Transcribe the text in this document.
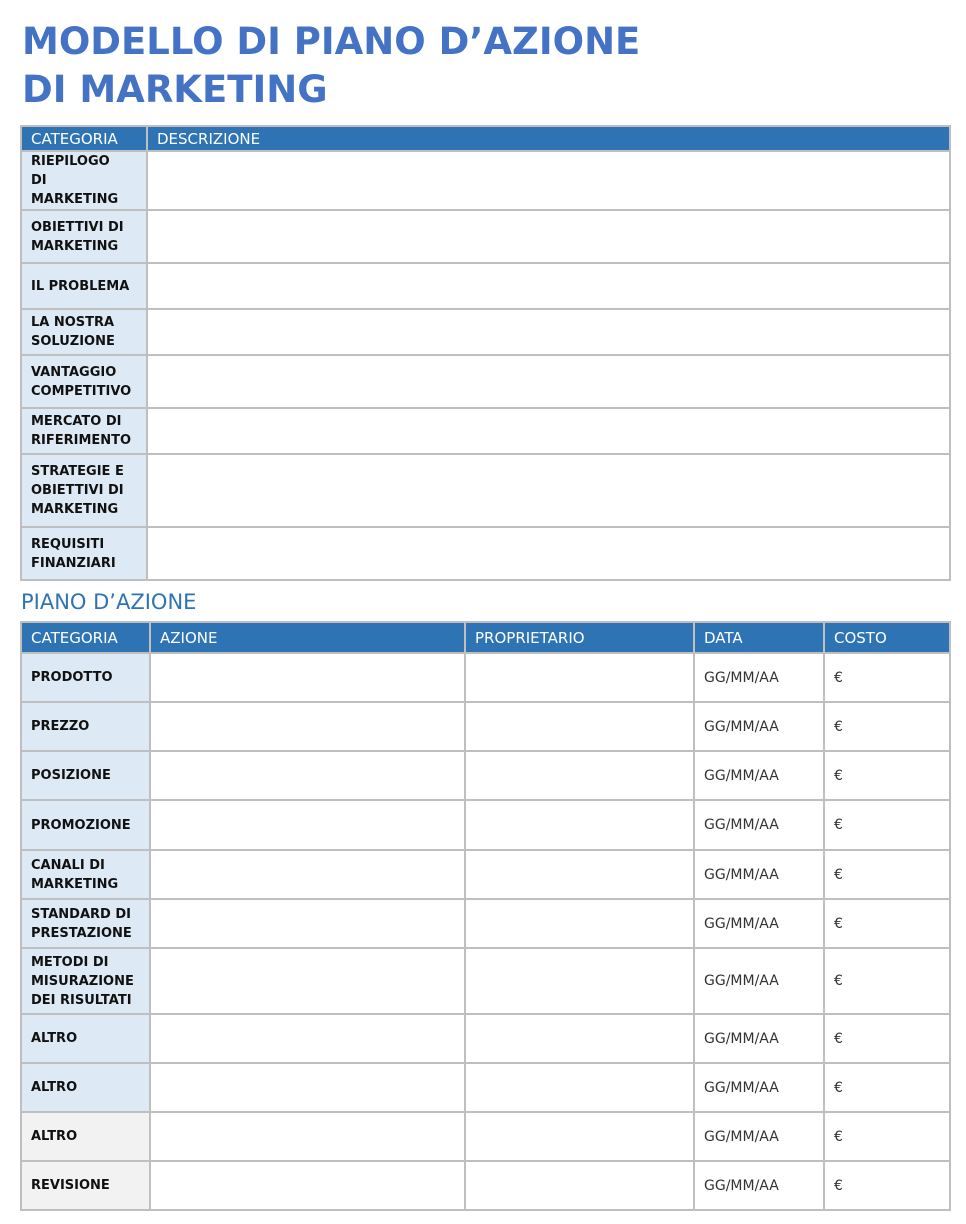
MODELLO DI PIANO D’AZIONE
DI MARKETING
CATEGORIA	DESCRIZIONE
RIEPILOGO DI MARKETING	
OBIETTIVI DI MARKETING	
IL PROBLEMA	
LA NOSTRA SOLUZIONE	
VANTAGGIO COMPETITIVO	
MERCATO DI RIFERIMENTO	
STRATEGIE E OBIETTIVI DI MARKETING	
REQUISITI FINANZIARI	
PIANO D’AZIONE
CATEGORIA	AZIONE	PROPRIETARIO	DATA	COSTO
PRODOTTO			GG/MM/AA	€
PREZZO			GG/MM/AA	€
POSIZIONE			GG/MM/AA	€
PROMOZIONE			GG/MM/AA	€
CANALI DI MARKETING			GG/MM/AA	€
STANDARD DI PRESTAZIONE			GG/MM/AA	€
METODI DI MISURAZIONE DEI RISULTATI			GG/MM/AA	€
ALTRO			GG/MM/AA	€
ALTRO			GG/MM/AA	€
ALTRO			GG/MM/AA	€
REVISIONE			GG/MM/AA	€
